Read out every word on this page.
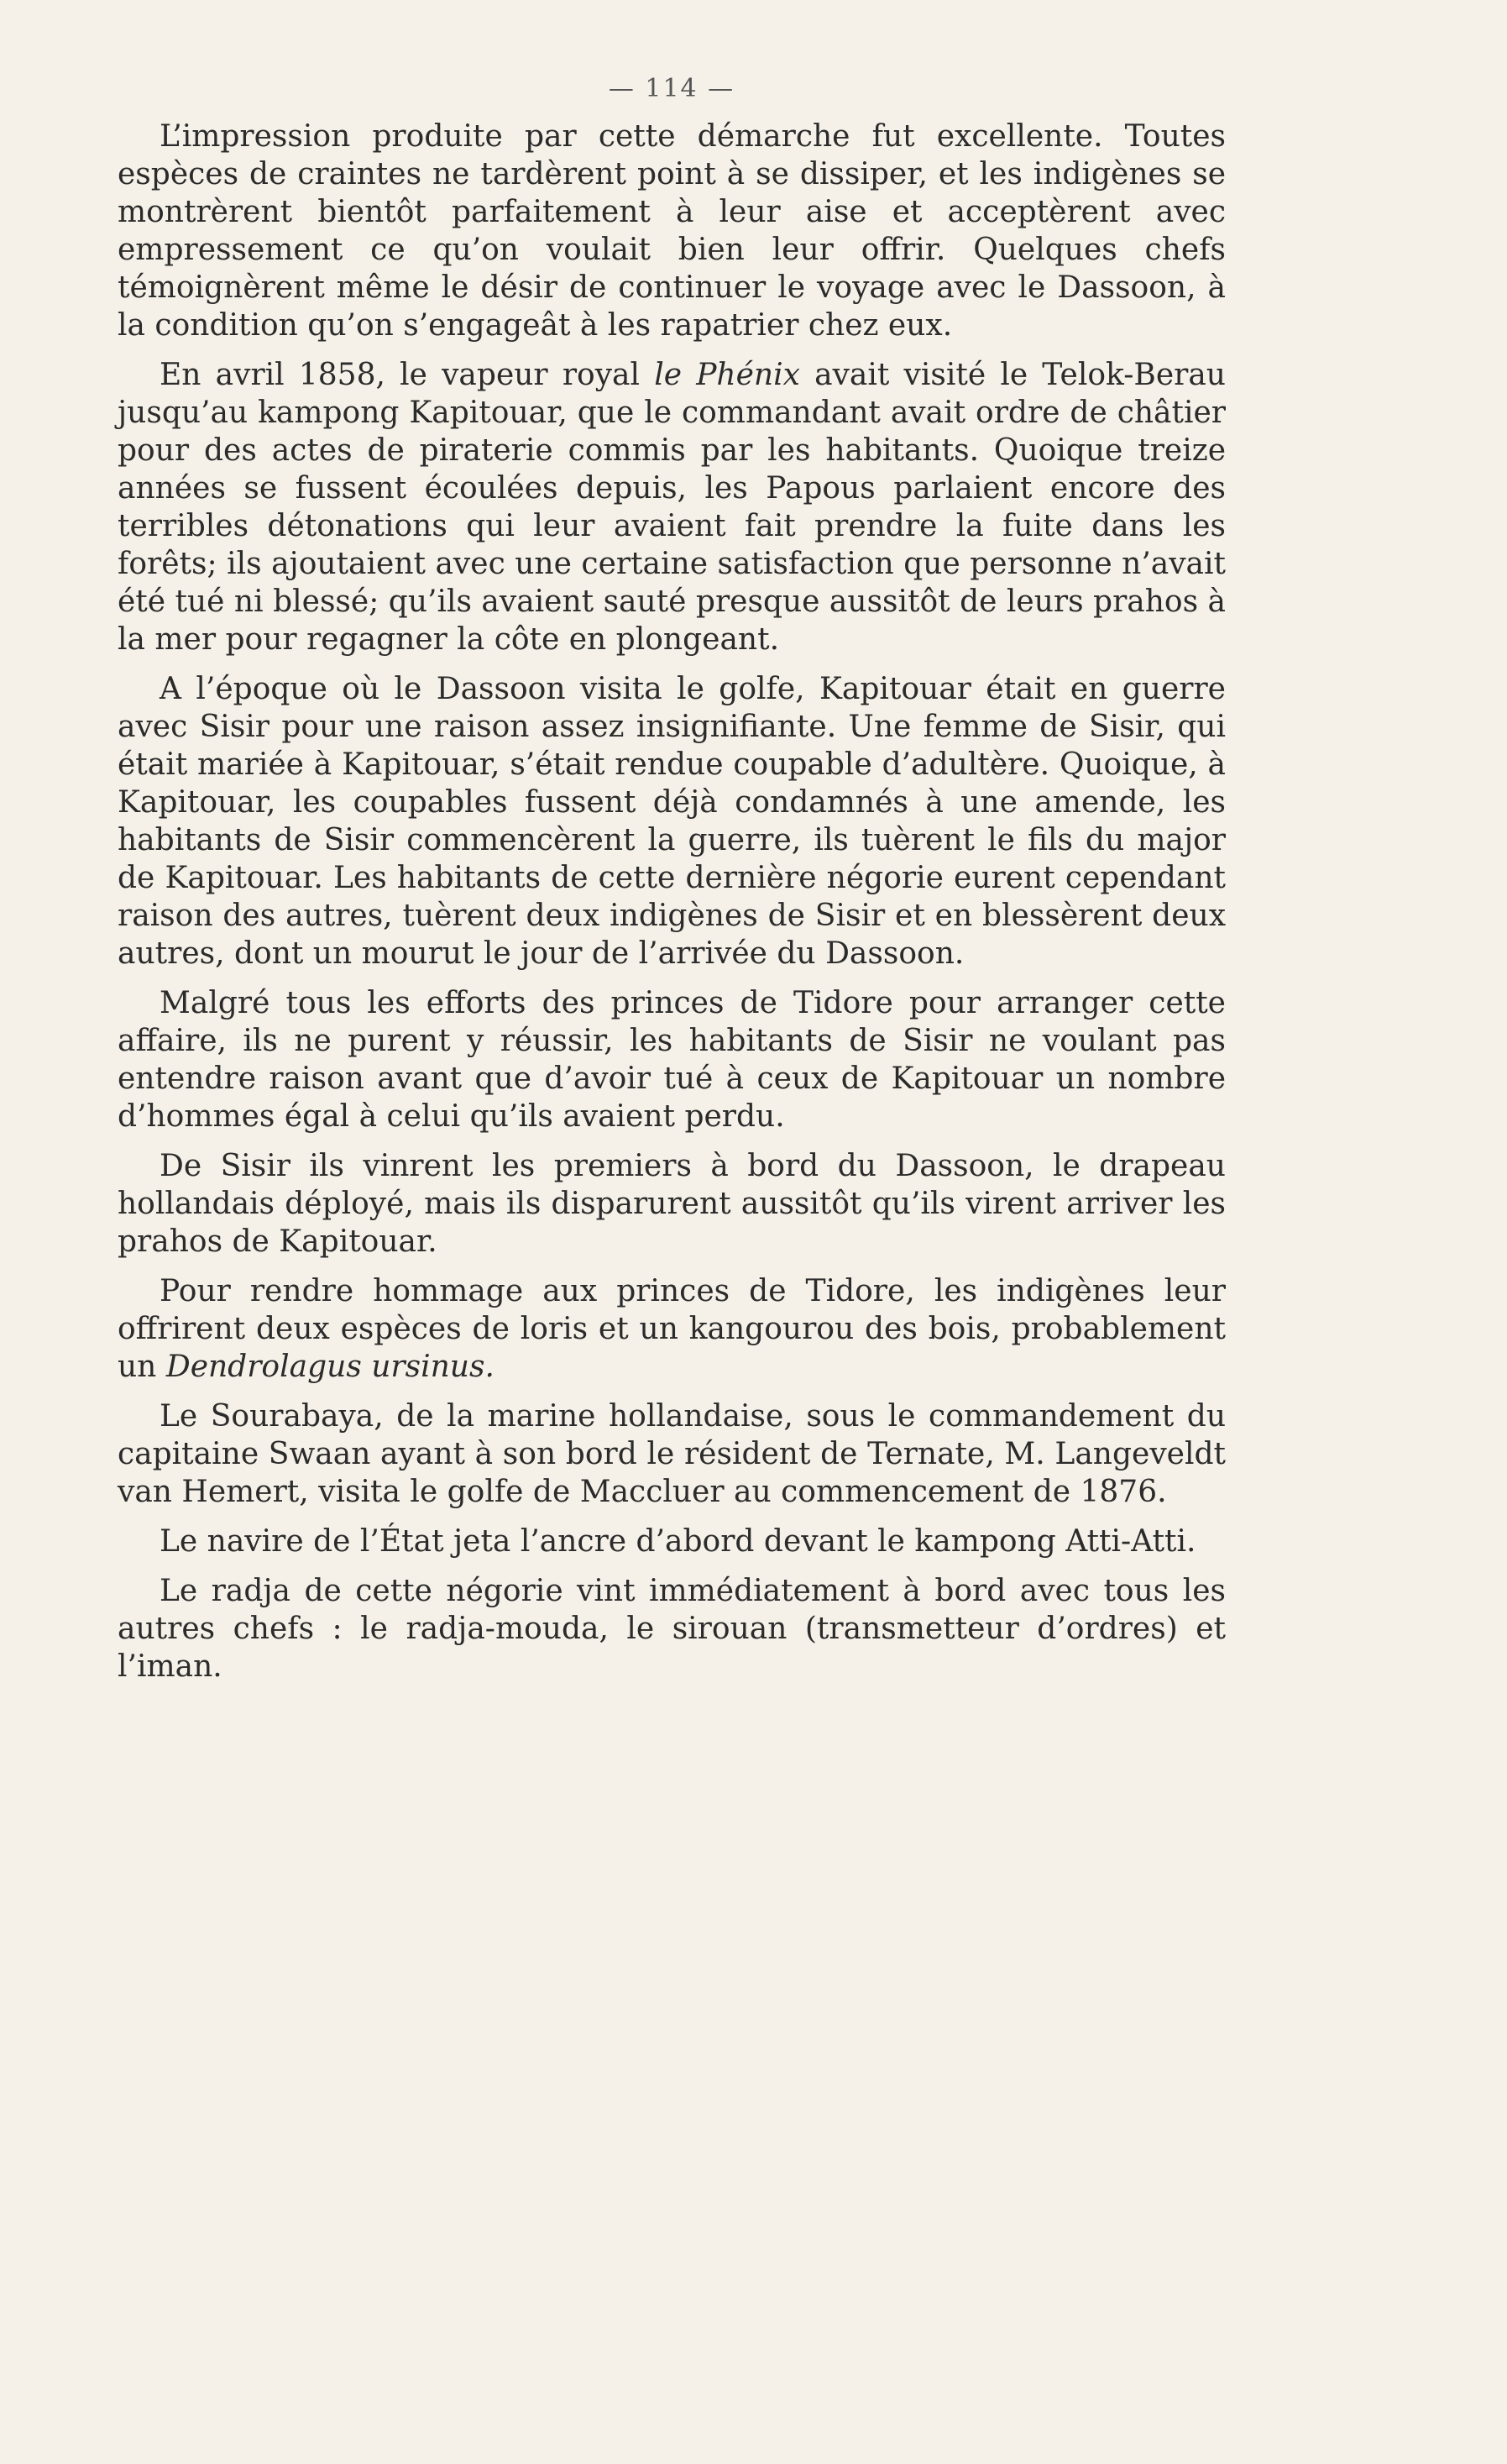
— 114 —

L’impression produite par cette démarche fut excellente. Toutes espèces de craintes ne tardèrent point à se dissiper, et les indigènes se montrèrent bientôt parfaitement à leur aise et acceptèrent avec empressement ce qu’on voulait bien leur offrir. Quelques chefs témoignèrent même le désir de continuer le voyage avec le Dassoon, à la condition qu’on s’engageât à les rapatrier chez eux.

En avril 1858, le vapeur royal le Phénix avait visité le Telok-Berau jusqu’au kampong Kapitouar, que le commandant avait ordre de châtier pour des actes de piraterie commis par les habitants. Quoique treize années se fussent écoulées depuis, les Papous parlaient encore des terribles détonations qui leur avaient fait prendre la fuite dans les forêts; ils ajoutaient avec une certaine satisfaction que personne n’avait été tué ni blessé; qu’ils avaient sauté presque aussitôt de leurs prahos à la mer pour regagner la côte en plongeant.

A l’époque où le Dassoon visita le golfe, Kapitouar était en guerre avec Sisir pour une raison assez insignifiante. Une femme de Sisir, qui était mariée à Kapitouar, s’était rendue coupable d’adultère. Quoique, à Kapitouar, les coupables fussent déjà condamnés à une amende, les habitants de Sisir commencèrent la guerre, ils tuèrent le fils du major de Kapitouar. Les habitants de cette dernière négorie eurent cependant raison des autres, tuèrent deux indigènes de Sisir et en blessèrent deux autres, dont un mourut le jour de l’arrivée du Dassoon.

Malgré tous les efforts des princes de Tidore pour arranger cette affaire, ils ne purent y réussir, les habitants de Sisir ne voulant pas entendre raison avant que d’avoir tué à ceux de Kapitouar un nombre d’hommes égal à celui qu’ils avaient perdu.

De Sisir ils vinrent les premiers à bord du Dassoon, le drapeau hollandais déployé, mais ils disparurent aussitôt qu’ils virent arriver les prahos de Kapitouar.

Pour rendre hommage aux princes de Tidore, les indigènes leur offrirent deux espèces de loris et un kangourou des bois, probablement un Dendrolagus ursinus.

Le Sourabaya, de la marine hollandaise, sous le commandement du capitaine Swaan ayant à son bord le résident de Ternate, M. Langeveldt van Hemert, visita le golfe de Maccluer au commencement de 1876.

Le navire de l’État jeta l’ancre d’abord devant le kampong Atti-Atti.

Le radja de cette négorie vint immédiatement à bord avec tous les autres chefs : le radja-mouda, le sirouan (transmetteur d’ordres) et l’iman.
